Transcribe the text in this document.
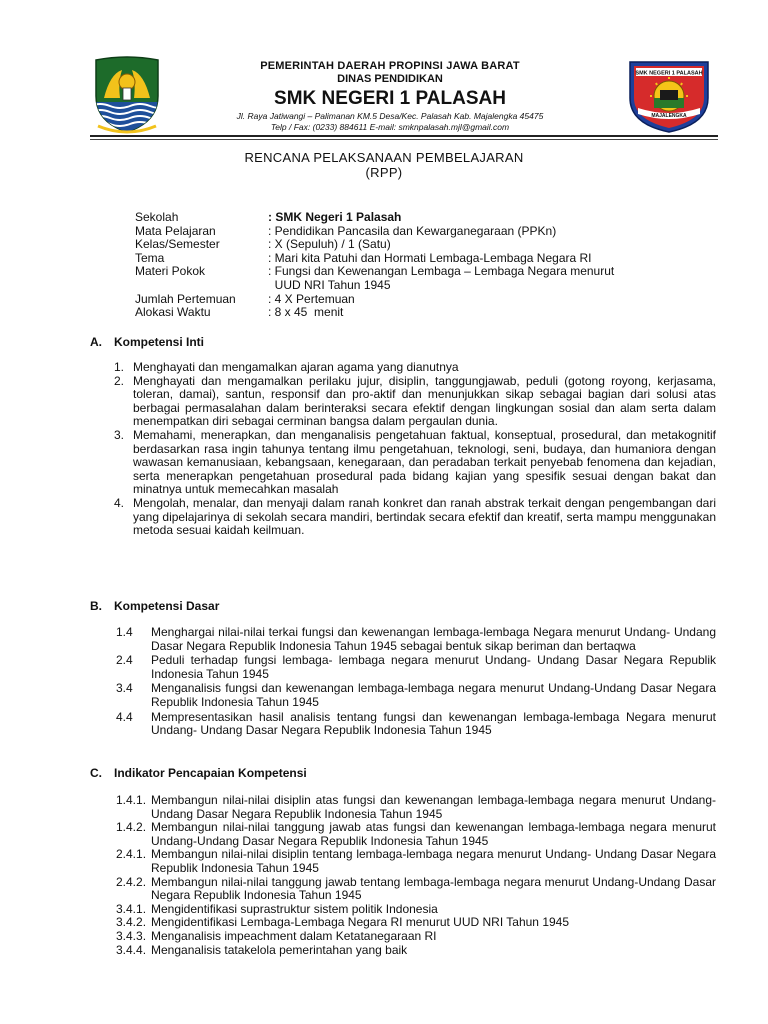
PEMERINTAH DAERAH PROPINSI JAWA BARAT
DINAS PENDIDIKAN
SMK NEGERI 1 PALASAH
Jl. Raya Jatiwangi – Palimanan KM.5 Desa/Kec. Palasah Kab. Majalengka 45475
Telp / Fax: (0233) 884611 E-mail: smknpalasah.mjl@gmail.com
SMK NEGERI 1 PALASAH
MAJALENGKA
RENCANA PELAKSANAAN PEMBELAJARAN
(RPP)
Sekolah	: SMK Negeri 1 Palasah
Mata Pelajaran	: Pendidikan Pancasila dan Kewarganegaraan (PPKn)
Kelas/Semester	: X (Sepuluh) / 1 (Satu)
Tema	: Mari kita Patuhi dan Hormati Lembaga-Lembaga Negara RI
Materi Pokok	: Fungsi dan Kewenangan Lembaga – Lembaga Negara menurut
UUD NRI Tahun 1945
Jumlah Pertemuan	: 4 X Pertemuan
Alokasi Waktu	: 8 x 45  menit
A. Kompetensi Inti
1. Menghayati dan mengamalkan ajaran agama yang dianutnya
2. Menghayati dan mengamalkan perilaku jujur, disiplin, tanggungjawab, peduli (gotong royong, kerjasama, toleran, damai), santun, responsif dan pro-aktif dan menunjukkan sikap sebagai bagian dari solusi atas berbagai permasalahan dalam berinteraksi secara efektif dengan lingkungan sosial dan alam serta dalam menempatkan diri sebagai cerminan bangsa dalam pergaulan dunia.
3. Memahami, menerapkan, dan menganalisis pengetahuan faktual, konseptual, prosedural, dan metakognitif berdasarkan rasa ingin tahunya tentang ilmu pengetahuan, teknologi, seni, budaya, dan humaniora dengan wawasan kemanusiaan, kebangsaan, kenegaraan, dan peradaban terkait penyebab fenomena dan kejadian, serta menerapkan pengetahuan prosedural pada bidang kajian yang spesifik sesuai dengan bakat dan minatnya untuk memecahkan masalah
4. Mengolah, menalar, dan menyaji dalam ranah konkret dan ranah abstrak terkait dengan pengembangan dari yang dipelajarinya di sekolah secara mandiri, bertindak secara efektif dan kreatif, serta mampu menggunakan metoda sesuai kaidah keilmuan.
B. Kompetensi Dasar
1.4	Menghargai nilai-nilai terkai fungsi dan kewenangan lembaga-lembaga Negara menurut Undang- Undang Dasar Negara Republik Indonesia Tahun 1945 sebagai bentuk sikap beriman dan bertaqwa
2.4	Peduli terhadap fungsi lembaga- lembaga negara menurut Undang- Undang Dasar Negara Republik Indonesia Tahun 1945
3.4	Menganalisis fungsi dan kewenangan lembaga-lembaga negara menurut Undang-Undang Dasar Negara Republik Indonesia Tahun 1945
4.4	Mempresentasikan hasil analisis tentang fungsi dan kewenangan lembaga-lembaga Negara menurut Undang- Undang Dasar Negara Republik Indonesia Tahun 1945
C. Indikator Pencapaian Kompetensi
1.4.1. Membangun nilai-nilai disiplin atas fungsi dan kewenangan lembaga-lembaga negara menurut Undang- Undang Dasar Negara Republik Indonesia Tahun 1945
1.4.2. Membangun nilai-nilai tanggung jawab atas fungsi dan kewenangan lembaga-lembaga negara menurut Undang-Undang Dasar Negara Republik Indonesia Tahun 1945
2.4.1. Membangun nilai-nilai disiplin tentang lembaga-lembaga negara menurut Undang- Undang Dasar Negara Republik Indonesia Tahun 1945
2.4.2. Membangun nilai-nilai tanggung jawab tentang lembaga-lembaga negara menurut Undang-Undang Dasar Negara Republik Indonesia Tahun 1945
3.4.1. Mengidentifikasi suprastruktur sistem politik Indonesia
3.4.2. Mengidentifikasi Lembaga-Lembaga Negara RI menurut UUD NRI Tahun 1945
3.4.3. Menganalisis impeachment dalam Ketatanegaraan RI
3.4.4. Menganalisis tatakelola pemerintahan yang baik
